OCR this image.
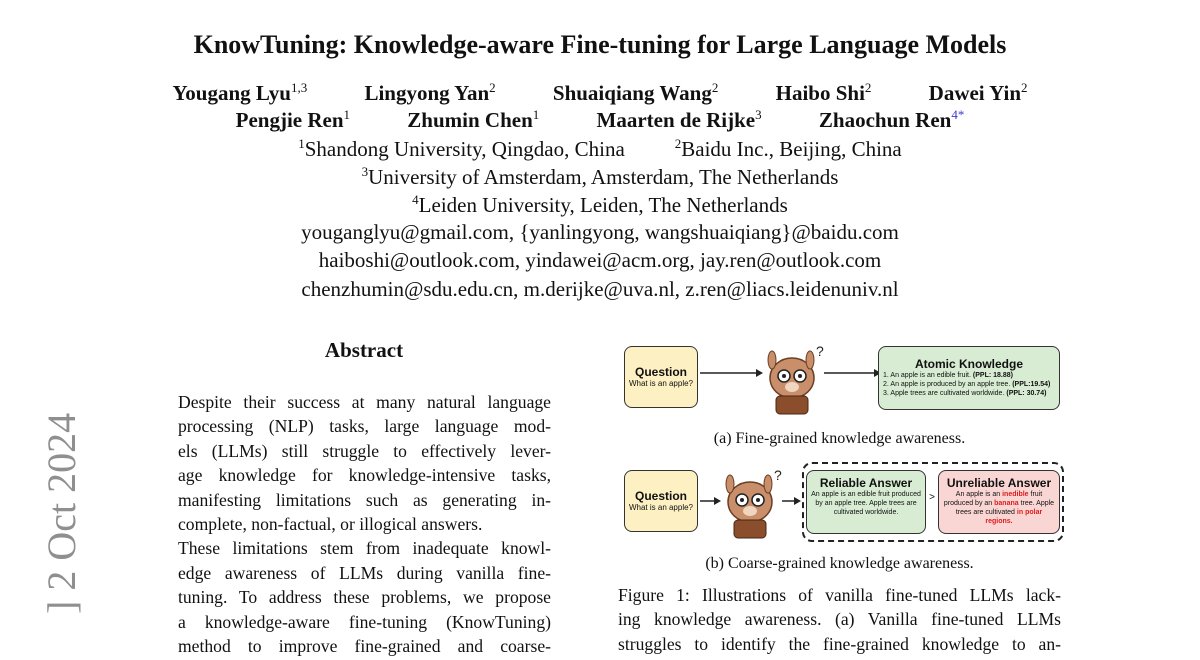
KnowTuning: Knowledge-aware Fine-tuning for Large Language Models
Yougang Lyu$^{1,3}$	Lingyong Yan$^2$	Shuaiqiang Wang$^2$	Haibo Shi$^2$	Dawei Yin$^2$
Pengjie Ren$^1$	Zhumin Chen$^1$	Maarten de Rijke$^3$	Zhaochun Ren$^{4*}$
$^1$Shandong University, Qingdao, China	$^2$Baidu Inc., Beijing, China
$^3$University of Amsterdam, Amsterdam, The Netherlands
$^4$Leiden University, Leiden, The Netherlands
youganglyu@gmail.com, {yanlingyong, wangshuaiqiang}@baidu.com
haiboshi@outlook.com, yindawei@acm.org, jay.ren@outlook.com
chenzhumin@sdu.edu.cn, m.derijke@uva.nl, z.ren@liacs.leidenuniv.nl
] 2 Oct 2024
Abstract
Despite their success at many natural language
processing (NLP) tasks, large language mod-
els (LLMs) still struggle to effectively lever-
age knowledge for knowledge-intensive tasks,
manifesting limitations such as generating in-
complete, non-factual, or illogical answers.
These limitations stem from inadequate knowl-
edge awareness of LLMs during vanilla fine-
tuning. To address these problems, we propose
a knowledge-aware fine-tuning (KnowTuning)
method to improve fine-grained and coarse-
Question
What is an apple?
?
Atomic Knowledge
1. An apple is an edible fruit. (PPL: 18.88)
2. An apple is produced by an apple tree. (PPL:19.54)
3. Apple trees are cultivated worldwide. (PPL: 30.74)
(a) Fine-grained knowledge awareness.
Question
What is an apple?
?	Reliable Answer
An apple is an edible fruit produced by an apple tree. Apple trees are cultivated worldwide.
>
Unreliable Answer
An apple is an inedible fruit produced by an banana tree. Apple trees are cultivated in polar regions.
(b) Coarse-grained knowledge awareness.
Figure 1: Illustrations of vanilla fine-tuned LLMs lack-
ing knowledge awareness. (a) Vanilla fine-tuned LLMs
struggles to identify the fine-grained knowledge to an-
